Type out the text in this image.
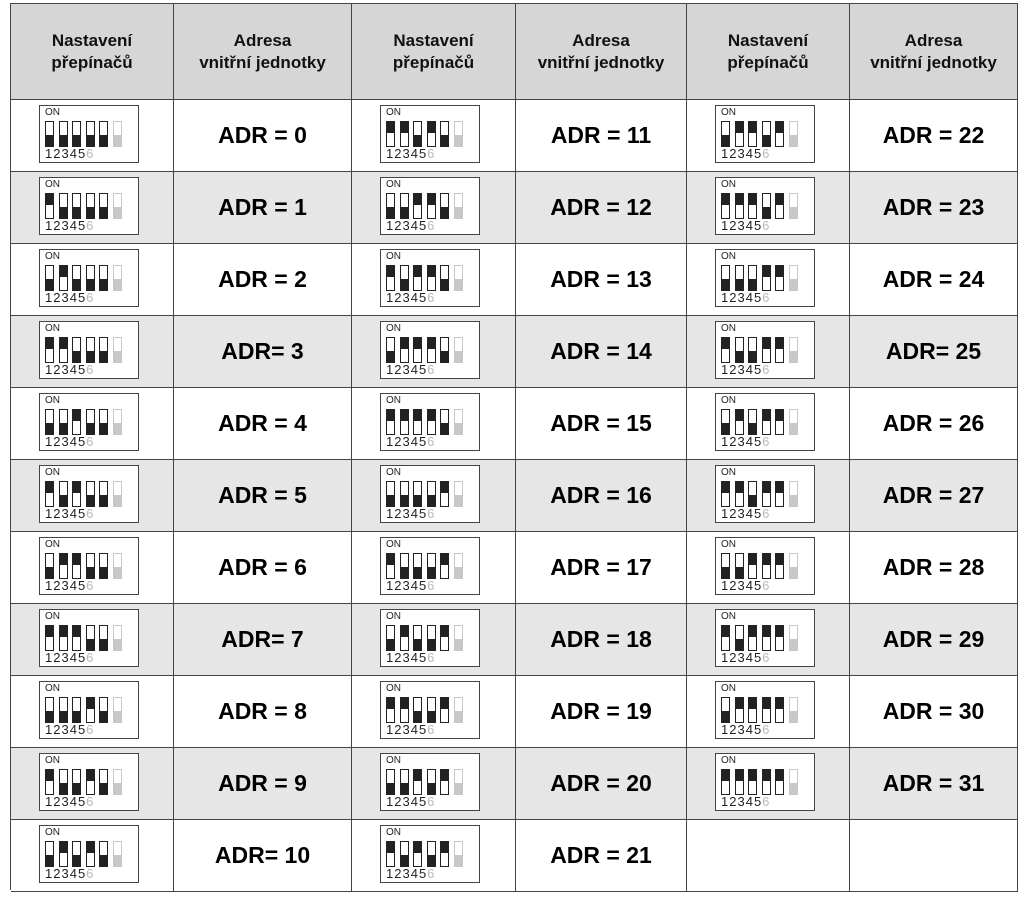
Nastavení
přepínačů
Adresa
vnitřní jednotky
Nastavení
přepínačů
Adresa
vnitřní jednotky
Nastavení
přepínačů
Adresa
vnitřní jednotky
ON
123456
ADR = 0
ON
123456
ADR = 11
ON
123456
ADR = 22
ON
123456
ADR = 1
ON
123456
ADR = 12
ON
123456
ADR = 23
ON
123456
ADR = 2
ON
123456
ADR = 13
ON
123456
ADR = 24
ON
123456
ADR= 3
ON
123456
ADR = 14
ON
123456
ADR= 25
ON
123456
ADR = 4
ON
123456
ADR = 15
ON
123456
ADR = 26
ON
123456
ADR = 5
ON
123456
ADR = 16
ON
123456
ADR = 27
ON
123456
ADR = 6
ON
123456
ADR = 17
ON
123456
ADR = 28
ON
123456
ADR= 7
ON
123456
ADR = 18
ON
123456
ADR = 29
ON
123456
ADR = 8
ON
123456
ADR = 19
ON
123456
ADR = 30
ON
123456
ADR = 9
ON
123456
ADR = 20
ON
123456
ADR = 31
ON
123456
ADR= 10
ON
123456
ADR = 21
